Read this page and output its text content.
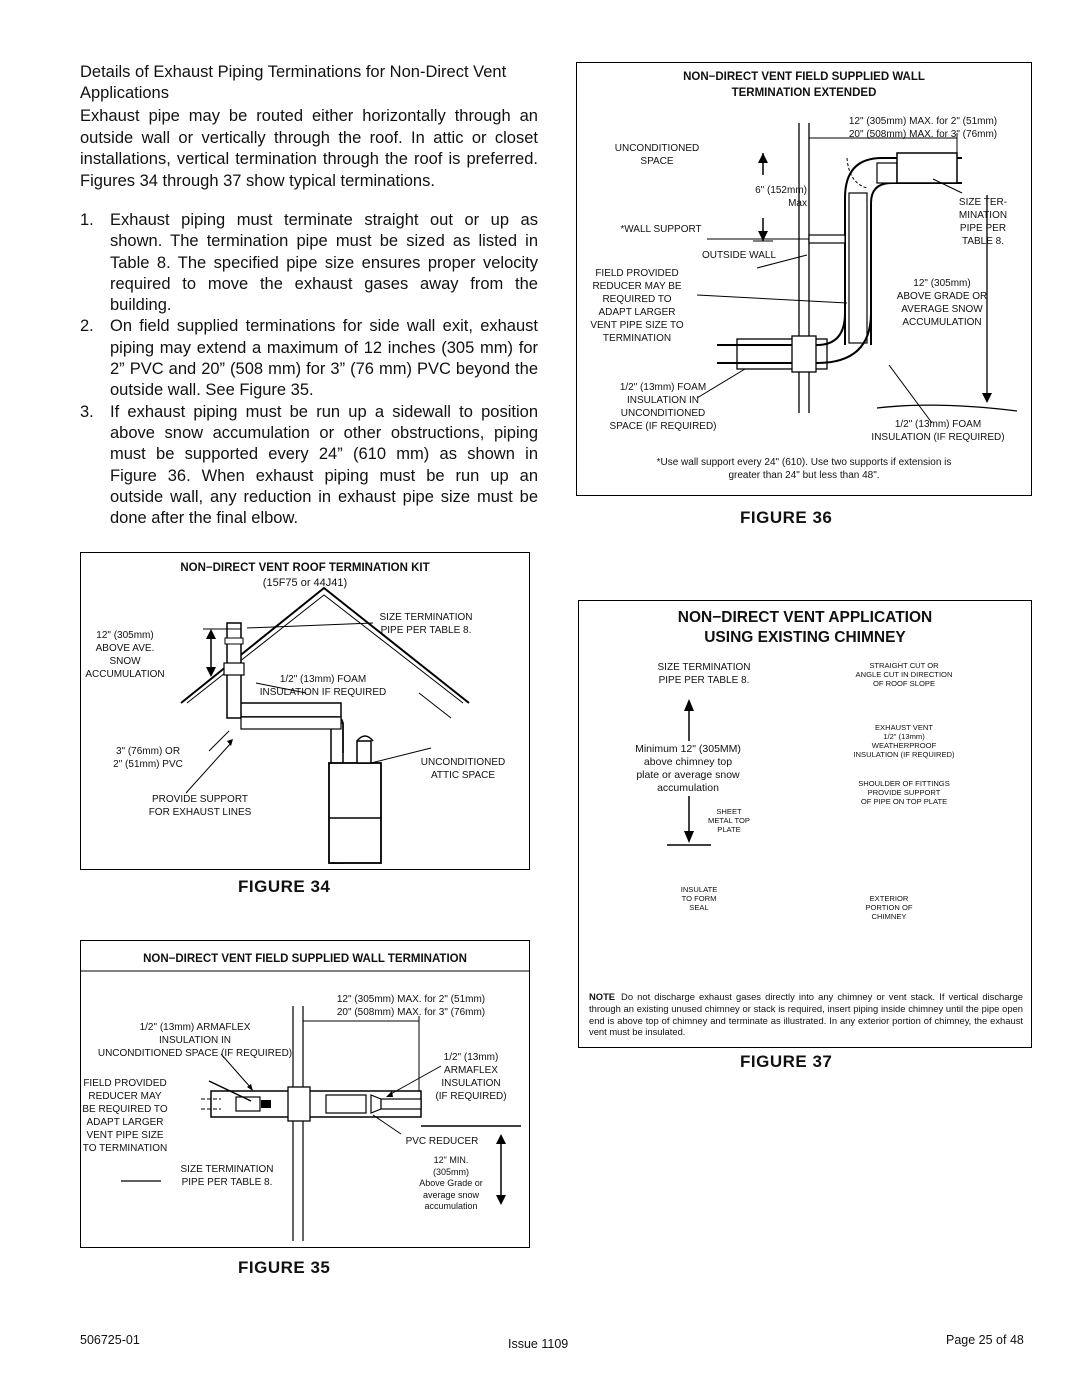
Details of Exhaust Piping Terminations for Non-Direct Vent Applications
Exhaust pipe may be routed either horizontally through an outside wall or vertically through the roof. In attic or closet installations, vertical termination through the roof is preferred. Figures 34 through 37 show typical terminations.
1. Exhaust piping must terminate straight out or up as shown. The termination pipe must be sized as listed in Table 8. The specified pipe size ensures proper velocity required to move the exhaust gases away from the building.
2. On field supplied terminations for side wall exit, exhaust piping may extend a maximum of 12 inches (305 mm) for 2” PVC and 20” (508 mm) for 3” (76 mm) PVC beyond the outside wall. See Figure 35.
3. If exhaust piping must be run up a sidewall to position above snow accumulation or other obstructions, piping must be supported every 24” (610 mm) as shown in Figure 36. When exhaust piping must be run up an outside wall, any reduction in exhaust pipe size must be done after the final elbow.
NON−DIRECT VENT ROOF TERMINATION KIT
(15F75 or 44J41)
12" (305mm)
ABOVE AVE.
SNOW
ACCUMULATION
SIZE TERMINATION
PIPE PER TABLE 8.
1/2" (13mm) FOAM
INSULATION IF REQUIRED
3" (76mm) OR
2" (51mm) PVC	UNCONDITIONED
ATTIC SPACE
PROVIDE SUPPORT
FOR EXHAUST LINES
FIGURE 34
NON−DIRECT VENT FIELD SUPPLIED WALL TERMINATION
12" (305mm) MAX. for 2" (51mm)
20" (508mm) MAX. for 3" (76mm)
1/2" (13mm) ARMAFLEX
INSULATION IN
UNCONDITIONED SPACE (IF REQUIRED)	1/2" (13mm)
ARMAFLEX
INSULATION
(IF REQUIRED)
FIELD PROVIDED
REDUCER MAY
BE REQUIRED TO
ADAPT LARGER
VENT PIPE SIZE
TO TERMINATION
PVC REDUCER
SIZE TERMINATION
PIPE PER TABLE 8.
12" MIN.
(305mm)
Above Grade or
average snow
accumulation
FIGURE 35
NON−DIRECT VENT FIELD SUPPLIED WALL
TERMINATION EXTENDED
12" (305mm) MAX. for 2" (51mm)
20" (508mm) MAX. for 3" (76mm)
UNCONDITIONED
SPACE
6" (152mm)
Max	SIZE TER-
MINATION
PIPE PER
TABLE 8.
*WALL SUPPORT
OUTSIDE WALL
FIELD PROVIDED
REDUCER MAY BE
REQUIRED TO
ADAPT LARGER
VENT PIPE SIZE TO
TERMINATION
12" (305mm)
ABOVE GRADE OR
AVERAGE SNOW
ACCUMULATION
1/2" (13mm) FOAM
INSULATION IN
UNCONDITIONED
SPACE (IF REQUIRED)	1/2" (13mm) FOAM
INSULATION (IF REQUIRED)
*Use wall support every 24" (610). Use two supports if extension is
greater than 24" but less than 48".
FIGURE 36
NON−DIRECT VENT APPLICATION
USING EXISTING CHIMNEY
SIZE TERMINATION
PIPE PER TABLE 8.
STRAIGHT CUT OR
ANGLE CUT IN DIRECTION
OF ROOF SLOPE
EXHAUST VENT
1/2" (13mm)
WEATHERPROOF
INSULATION (IF REQUIRED)
Minimum 12" (305MM)
above chimney top
plate or average snow
accumulation	SHOULDER OF FITTINGS
PROVIDE SUPPORT
OF PIPE ON TOP PLATE
SHEET
METAL TOP
PLATE
INSULATE
TO FORM
SEAL
EXTERIOR
PORTION OF
CHIMNEY
NOTE Do not discharge exhaust gases directly into any chimney or vent stack. If vertical discharge through an existing unused chimney or stack is required, insert piping inside chimney until the pipe open end is above top of chimney and terminate as illustrated. In any exterior portion of chimney, the exhaust vent must be insulated.
FIGURE 37
506725-01	Issue 1109	Page 25 of 48
